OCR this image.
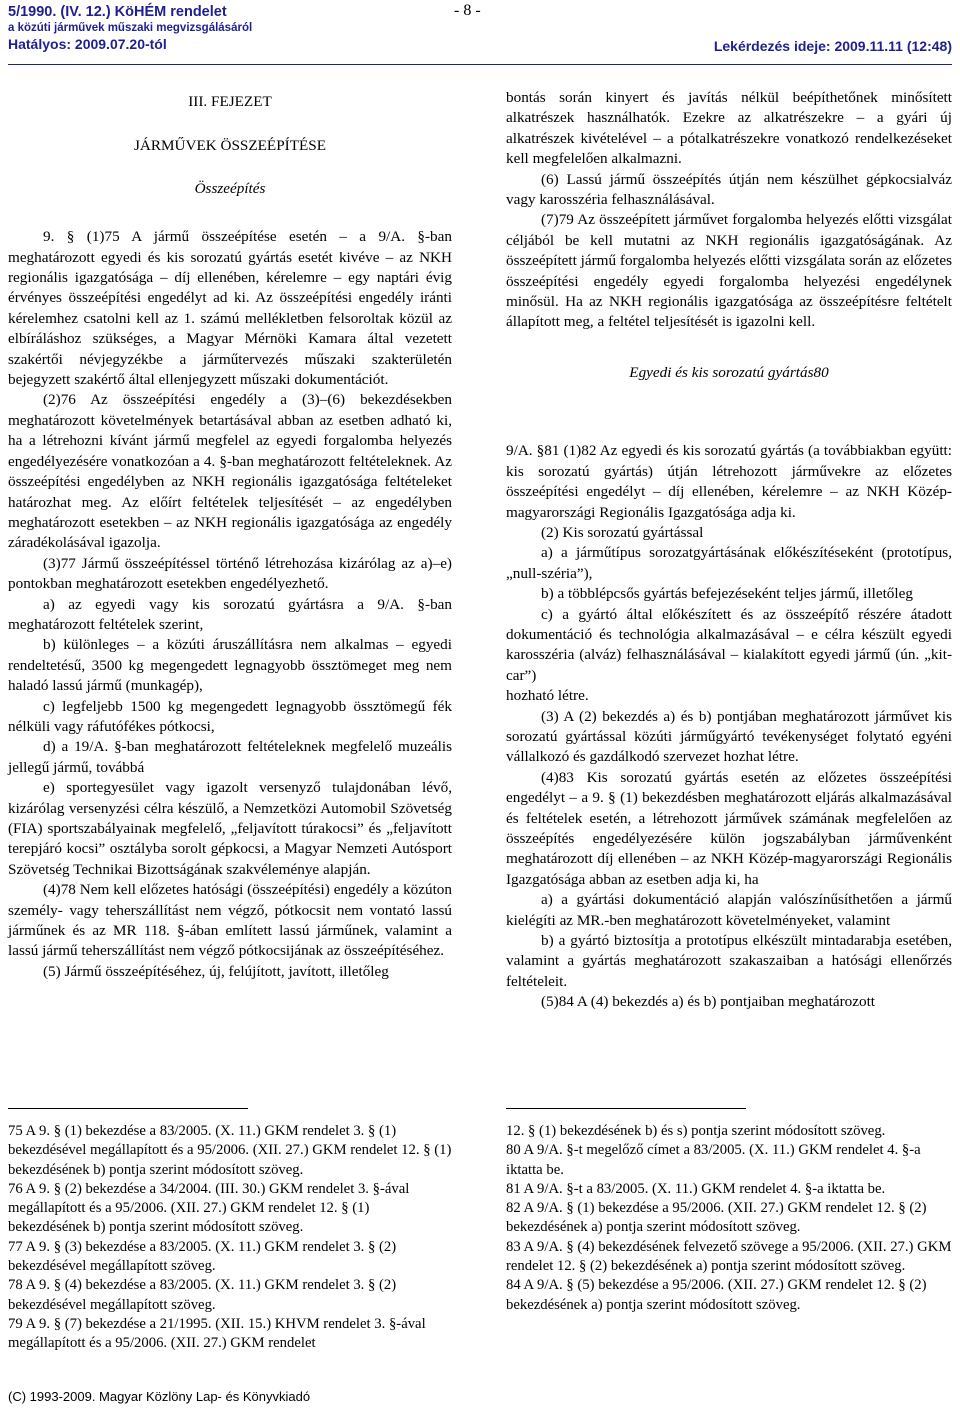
5/1990. (IV. 12.) KöHÉM rendelet
a közúti járművek műszaki megvizsgálásáról
Hatályos: 2009.07.20-tól
- 8 -
Lekérdezés ideje: 2009.11.11 (12:48)

III. FEJEZET

JÁRMŰVEK ÖSSZEÉPÍTÉSE

Összeépítés

9. § (1)75 A jármű összeépítése esetén – a 9/A. §-ban meghatározott egyedi és kis sorozatú gyártás esetét kivéve – az NKH regionális igazgatósága – díj ellenében, kérelemre – egy naptári évig érvényes összeépítési engedélyt ad ki. Az összeépítési engedély iránti kérelemhez csatolni kell az 1. számú mellékletben felsoroltak közül az elbíráláshoz szükséges, a Magyar Mérnöki Kamara által vezetett szakértői névjegyzékbe a járműtervezés műszaki szakterületén bejegyzett szakértő által ellenjegyzett műszaki dokumentációt.

(2)76 Az összeépítési engedély a (3)–(6) bekezdésekben meghatározott követelmények betartásával abban az esetben adható ki, ha a létrehozni kívánt jármű megfelel az egyedi forgalomba helyezés engedélyezésére vonatkozóan a 4. §-ban meghatározott feltételeknek. Az összeépítési engedélyben az NKH regionális igazgatósága feltételeket határozhat meg. Az előírt feltételek teljesítését – az engedélyben meghatározott esetekben – az NKH regionális igazgatósága az engedély záradékolásával igazolja.

(3)77 Jármű összeépítéssel történő létrehozása kizárólag az a)–e) pontokban meghatározott esetekben engedélyezhető.

a) az egyedi vagy kis sorozatú gyártásra a 9/A. §-ban meghatározott feltételek szerint,

b) különleges – a közúti áruszállításra nem alkalmas – egyedi rendeltetésű, 3500 kg megengedett legnagyobb össztömeget meg nem haladó lassú jármű (munkagép),

c) legfeljebb 1500 kg megengedett legnagyobb össztömegű fék nélküli vagy ráfutófékes pótkocsi,

d) a 19/A. §-ban meghatározott feltételeknek megfelelő muzeális jellegű jármű, továbbá

e) sportegyesület vagy igazolt versenyző tulajdonában lévő, kizárólag versenyzési célra készülő, a Nemzetközi Automobil Szövetség (FIA) sportszabályainak megfelelő, „feljavított túrakocsi” és „feljavított terepjáró kocsi” osztályba sorolt gépkocsi, a Magyar Nemzeti Autósport Szövetség Technikai Bizottságának szakvéleménye alapján.

(4)78 Nem kell előzetes hatósági (összeépítési) engedély a közúton személy- vagy teherszállítást nem végző, pótkocsit nem vontató lassú járműnek és az MR 118. §-ában említett lassú járműnek, valamint a lassú jármű teherszállítást nem végző pótkocsijának az összeépítéséhez.

(5) Jármű összeépítéséhez, új, felújított, javított, illetőleg

bontás során kinyert és javítás nélkül beépíthetőnek minősített alkatrészek használhatók. Ezekre az alkatrészekre – a gyári új alkatrészek kivételével – a pótalkatrészekre vonatkozó rendelkezéseket kell megfelelően alkalmazni.

(6) Lassú jármű összeépítés útján nem készülhet gépkocsialváz vagy karosszéria felhasználásával.

(7)79 Az összeépített járművet forgalomba helyezés előtti vizsgálat céljából be kell mutatni az NKH regionális igazgatóságának. Az összeépített jármű forgalomba helyezés előtti vizsgálata során az előzetes összeépítési engedély egyedi forgalomba helyezési engedélynek minősül. Ha az NKH regionális igazgatósága az összeépítésre feltételt állapított meg, a feltétel teljesítését is igazolni kell.

Egyedi és kis sorozatú gyártás80

9/A. §81 (1)82 Az egyedi és kis sorozatú gyártás (a továbbiakban együtt: kis sorozatú gyártás) útján létrehozott járművekre az előzetes összeépítési engedélyt – díj ellenében, kérelemre – az NKH Közép-magyarországi Regionális Igazgatósága adja ki.

(2) Kis sorozatú gyártással

a) a járműtípus sorozatgyártásának előkészítéseként (prototípus, „null-széria”),

b) a többlépcsős gyártás befejezéseként teljes jármű, illetőleg

c) a gyártó által előkészített és az összeépítő részére átadott dokumentáció és technológia alkalmazásával – e célra készült egyedi karosszéria (alváz) felhasználásával – kialakított egyedi jármű (ún. „kit-car”)

hozható létre.

(3) A (2) bekezdés a) és b) pontjában meghatározott járművet kis sorozatú gyártással közúti járműgyártó tevékenységet folytató egyéni vállalkozó és gazdálkodó szervezet hozhat létre.

(4)83 Kis sorozatú gyártás esetén az előzetes összeépítési engedélyt – a 9. § (1) bekezdésben meghatározott eljárás alkalmazásával és feltételek esetén, a létrehozott járművek számának megfelelően az összeépítés engedélyezésére külön jogszabályban járművenként meghatározott díj ellenében – az NKH Közép-magyarországi Regionális Igazgatósága abban az esetben adja ki, ha

a) a gyártási dokumentáció alapján valószínűsíthetően a jármű kielégíti az MR.-ben meghatározott követelményeket, valamint

b) a gyártó biztosítja a prototípus elkészült mintadarabja esetében, valamint a gyártás meghatározott szakaszaiban a hatósági ellenőrzés feltételeit.

(5)84 A (4) bekezdés a) és b) pontjaiban meghatározott

75 A 9. § (1) bekezdése a 83/2005. (X. 11.) GKM rendelet 3. § (1) bekezdésével megállapított és a 95/2006. (XII. 27.) GKM rendelet 12. § (1) bekezdésének b) pontja szerint módosított szöveg.

76 A 9. § (2) bekezdése a 34/2004. (III. 30.) GKM rendelet 3. §-ával megállapított és a 95/2006. (XII. 27.) GKM rendelet 12. § (1) bekezdésének b) pontja szerint módosított szöveg.

77 A 9. § (3) bekezdése a 83/2005. (X. 11.) GKM rendelet 3. § (2) bekezdésével megállapított szöveg.

78 A 9. § (4) bekezdése a 83/2005. (X. 11.) GKM rendelet 3. § (2) bekezdésével megállapított szöveg.

79 A 9. § (7) bekezdése a 21/1995. (XII. 15.) KHVM rendelet 3. §-ával megállapított és a 95/2006. (XII. 27.) GKM rendelet

12. § (1) bekezdésének b) és s) pontja szerint módosított szöveg.

80 A 9/A. §-t megelőző címet a 83/2005. (X. 11.) GKM rendelet 4. §-a iktatta be.

81 A 9/A. §-t a 83/2005. (X. 11.) GKM rendelet 4. §-a iktatta be.

82 A 9/A. § (1) bekezdése a 95/2006. (XII. 27.) GKM rendelet 12. § (2) bekezdésének a) pontja szerint módosított szöveg.

83 A 9/A. § (4) bekezdésének felvezető szövege a 95/2006. (XII. 27.) GKM rendelet 12. § (2) bekezdésének a) pontja szerint módosított szöveg.

84 A 9/A. § (5) bekezdése a 95/2006. (XII. 27.) GKM rendelet 12. § (2) bekezdésének a) pontja szerint módosított szöveg.

(C) 1993-2009. Magyar Közlöny Lap- és Könyvkiadó
